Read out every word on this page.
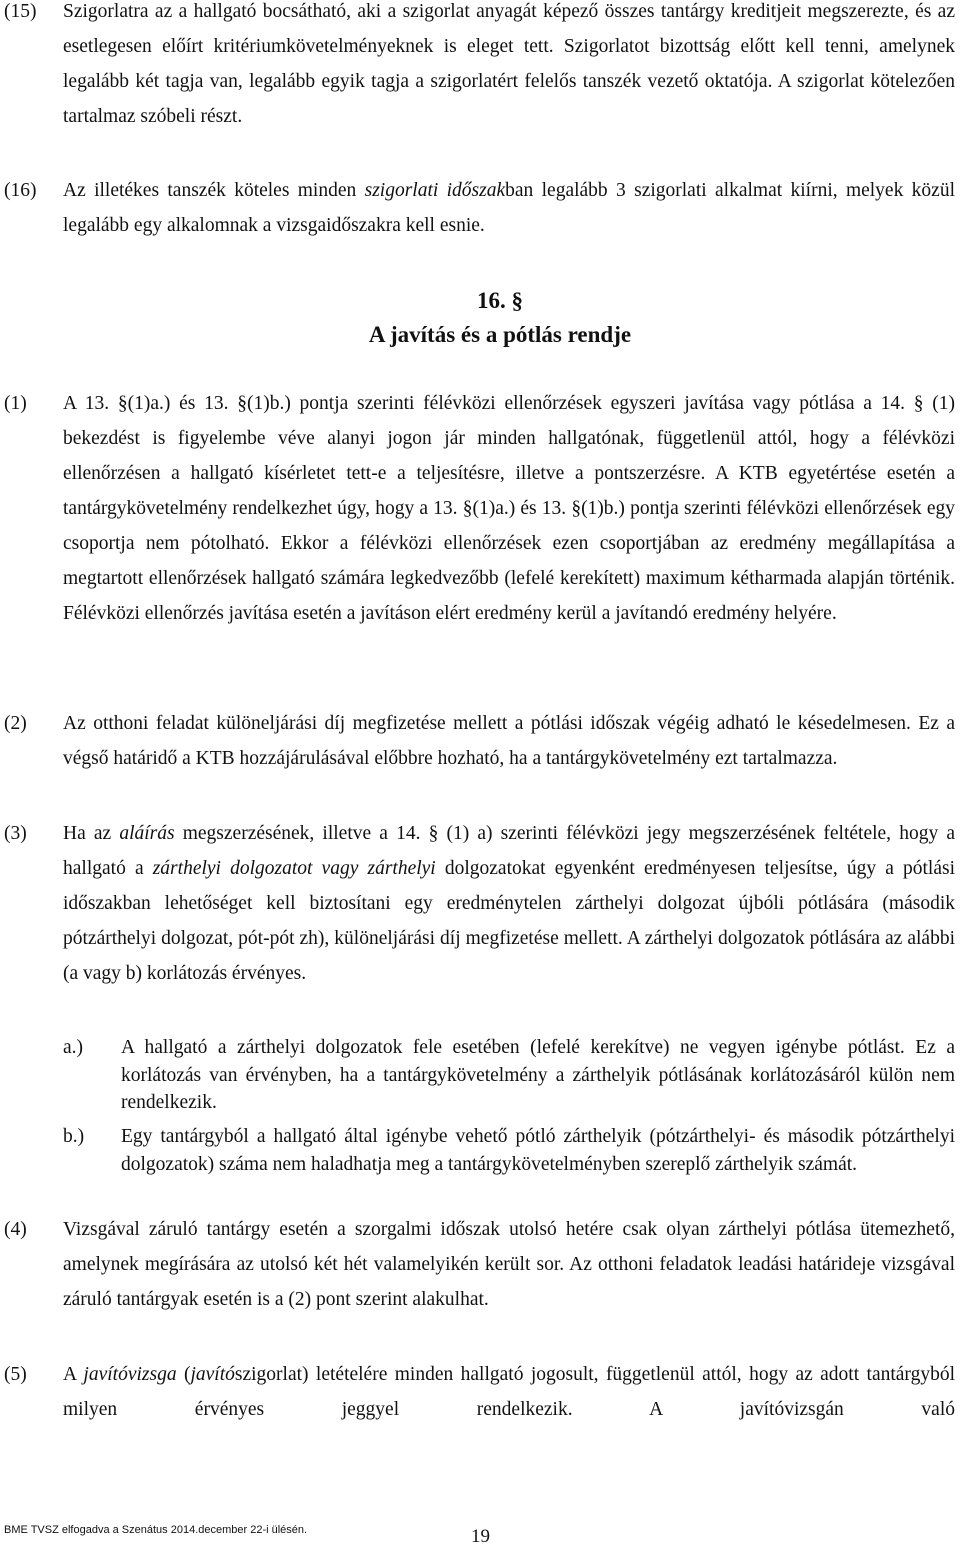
(15) Szigorlatra az a hallgató bocsátható, aki a szigorlat anyagát képező összes tantárgy kreditjeit megszerezte, és az esetlegesen előírt kritériumkövetelményeknek is eleget tett. Szigorlatot bizottság előtt kell tenni, amelynek legalább két tagja van, legalább egyik tagja a szigorlatért felelős tanszék vezető oktatója. A szigorlat kötelezően tartalmaz szóbeli részt.
(16) Az illetékes tanszék köteles minden szigorlati időszakban legalább 3 szigorlati alkalmat kiírni, melyek közül legalább egy alkalomnak a vizsgaidőszakra kell esnie.
16. §
A javítás és a pótlás rendje
(1) A 13. §(1)a.) és 13. §(1)b.) pontja szerinti félévközi ellenőrzések egyszeri javítása vagy pótlása a 14. § (1) bekezdést is figyelembe véve alanyi jogon jár minden hallgatónak, függetlenül attól, hogy a félévközi ellenőrzésen a hallgató kísérletet tett-e a teljesítésre, illetve a pontszerzésre. A KTB egyetértése esetén a tantárgykövetelmény rendelkezhet úgy, hogy a 13. §(1)a.) és 13. §(1)b.) pontja szerinti félévközi ellenőrzések egy csoportja nem pótolható. Ekkor a félévközi ellenőrzések ezen csoportjában az eredmény megállapítása a megtartott ellenőrzések hallgató számára legkedvezőbb (lefelé kerekített) maximum kétharmada alapján történik. Félévközi ellenőrzés javítása esetén a javításon elért eredmény kerül a javítandó eredmény helyére.
(2) Az otthoni feladat különeljárási díj megfizetése mellett a pótlási időszak végéig adható le késedelmesen. Ez a végső határidő a KTB hozzájárulásával előbbre hozható, ha a tantárgykövetelmény ezt tartalmazza.
(3) Ha az aláírás megszerzésének, illetve a 14. § (1) a) szerinti félévközi jegy megszerzésének feltétele, hogy a hallgató a zárthelyi dolgozatot vagy zárthelyi dolgozatokat egyenként eredményesen teljesítse, úgy a pótlási időszakban lehetőséget kell biztosítani egy eredménytelen zárthelyi dolgozat újbóli pótlására (második pótzárthelyi dolgozat, pót-pót zh), különeljárási díj megfizetése mellett. A zárthelyi dolgozatok pótlására az alábbi (a vagy b) korlátozás érvényes.
a.) A hallgató a zárthelyi dolgozatok fele esetében (lefelé kerekítve) ne vegyen igénybe pótlást. Ez a korlátozás van érvényben, ha a tantárgykövetelmény a zárthelyik pótlásának korlátozásáról külön nem rendelkezik.
b.) Egy tantárgyból a hallgató által igénybe vehető pótló zárthelyik (pótzárthelyi- és második pótzárthelyi dolgozatok) száma nem haladhatja meg a tantárgykövetelményben szereplő zárthelyik számát.
(4) Vizsgával záruló tantárgy esetén a szorgalmi időszak utolsó hetére csak olyan zárthelyi pótlása ütemezhető, amelynek megírására az utolsó két hét valamelyikén került sor. Az otthoni feladatok leadási határideje vizsgával záruló tantárgyak esetén is a (2) pont szerint alakulhat.
(5) A javítóvizsga (javítószigorlat) letételére minden hallgató jogosult, függetlenül attól, hogy az adott tantárgyból milyen érvényes jeggyel rendelkezik. A javítóvizsgán való
BME TVSZ elfogadva a Szenátus 2014.december 22-i ülésén.	19
